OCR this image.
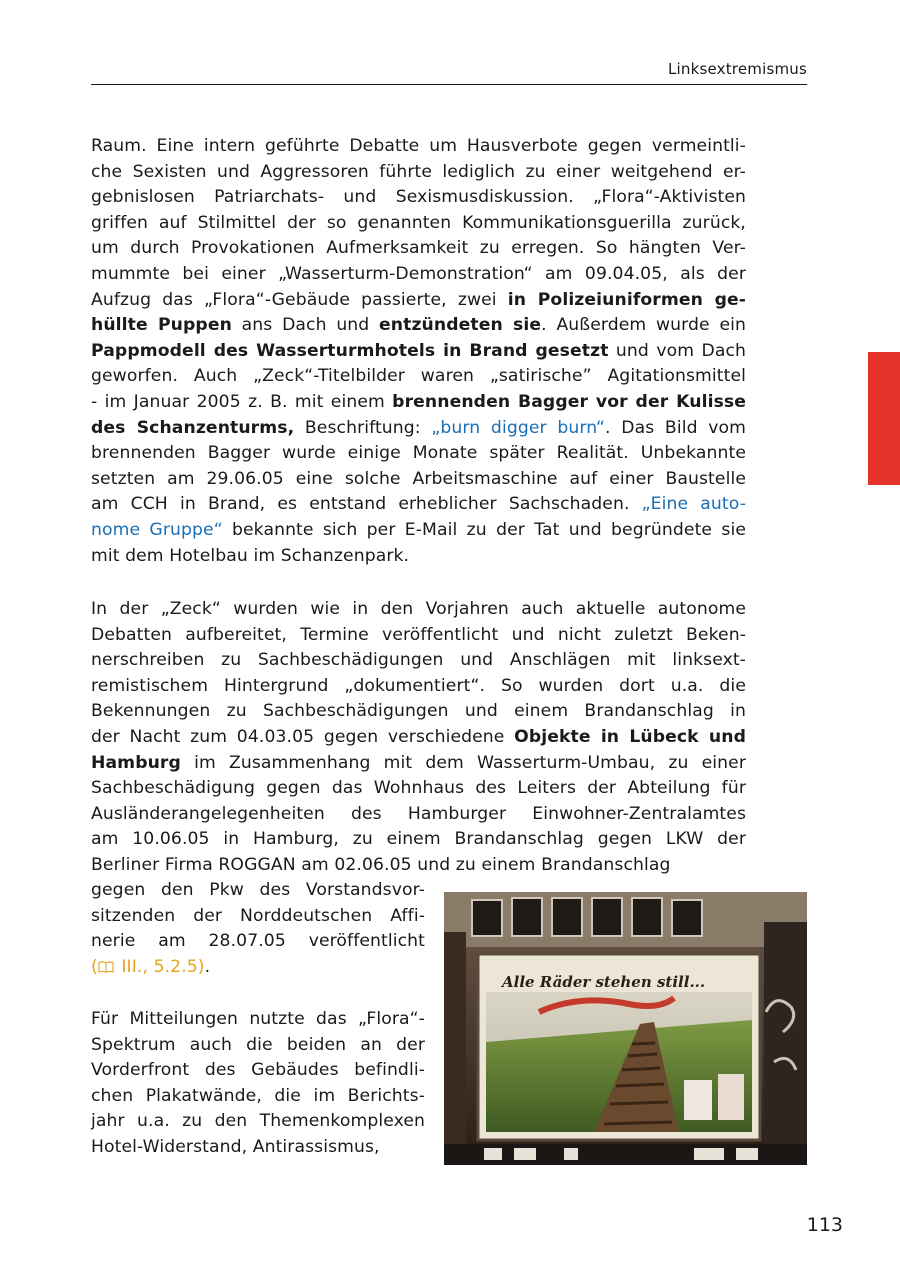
Linksextremismus
Raum. Eine intern geführte Debatte um Hausverbote gegen vermeintli-
che Sexisten und Aggressoren führte lediglich zu einer weitgehend er-
gebnislosen Patriarchats- und Sexismusdiskussion. „Flora“-Aktivisten
griffen auf Stilmittel der so genannten Kommunikationsguerilla zurück,
um durch Provokationen Aufmerksamkeit zu erregen. So hängten Ver-
mummte bei einer „Wasserturm-Demonstration“ am 09.04.05, als der
Aufzug das „Flora“-Gebäude passierte, zwei in Polizeiuniformen ge-
hüllte Puppen ans Dach und entzündeten sie. Außerdem wurde ein
Pappmodell des Wasserturmhotels in Brand gesetzt und vom Dach
geworfen. Auch „Zeck“-Titelbilder waren „satirische” Agitationsmittel
- im Januar 2005 z. B. mit einem brennenden Bagger vor der Kulisse
des Schanzenturms, Beschriftung: „burn digger burn“. Das Bild vom
brennenden Bagger wurde einige Monate später Realität. Unbekannte
setzten am 29.06.05 eine solche Arbeitsmaschine auf einer Baustelle
am CCH in Brand, es entstand erheblicher Sachschaden. „Eine auto-
nome Gruppe“ bekannte sich per E-Mail zu der Tat und begründete sie
mit dem Hotelbau im Schanzenpark.
In der „Zeck“ wurden wie in den Vorjahren auch aktuelle autonome
Debatten aufbereitet, Termine veröffentlicht und nicht zuletzt Beken-
nerschreiben zu Sachbeschädigungen und Anschlägen mit linksext-
remistischem Hintergrund „dokumentiert“. So wurden dort u.a. die
Bekennungen zu Sachbeschädigungen und einem Brandanschlag in
der Nacht zum 04.03.05 gegen verschiedene Objekte in Lübeck und
Hamburg im Zusammenhang mit dem Wasserturm-Umbau, zu einer
Sachbeschädigung gegen das Wohnhaus des Leiters der Abteilung für
Ausländerangelegenheiten des Hamburger Einwohner-Zentralamtes
am 10.06.05 in Hamburg, zu einem Brandanschlag gegen LKW der
Berliner Firma ROGGAN am 02.06.05 und zu einem Brandanschlag
gegen den Pkw des Vorstandsvor-
sitzenden der Norddeutschen Affi-
nerie am 28.07.05 veröffentlicht
( III., 5.2.5).
Für Mitteilungen nutzte das „Flora“-
Spektrum auch die beiden an der
Vorderfront des Gebäudes befindli-
chen Plakatwände, die im Berichts-
jahr u.a. zu den Themenkomplexen
Hotel-Widerstand, Antirassismus,
Alle Räder stehen still...
113
